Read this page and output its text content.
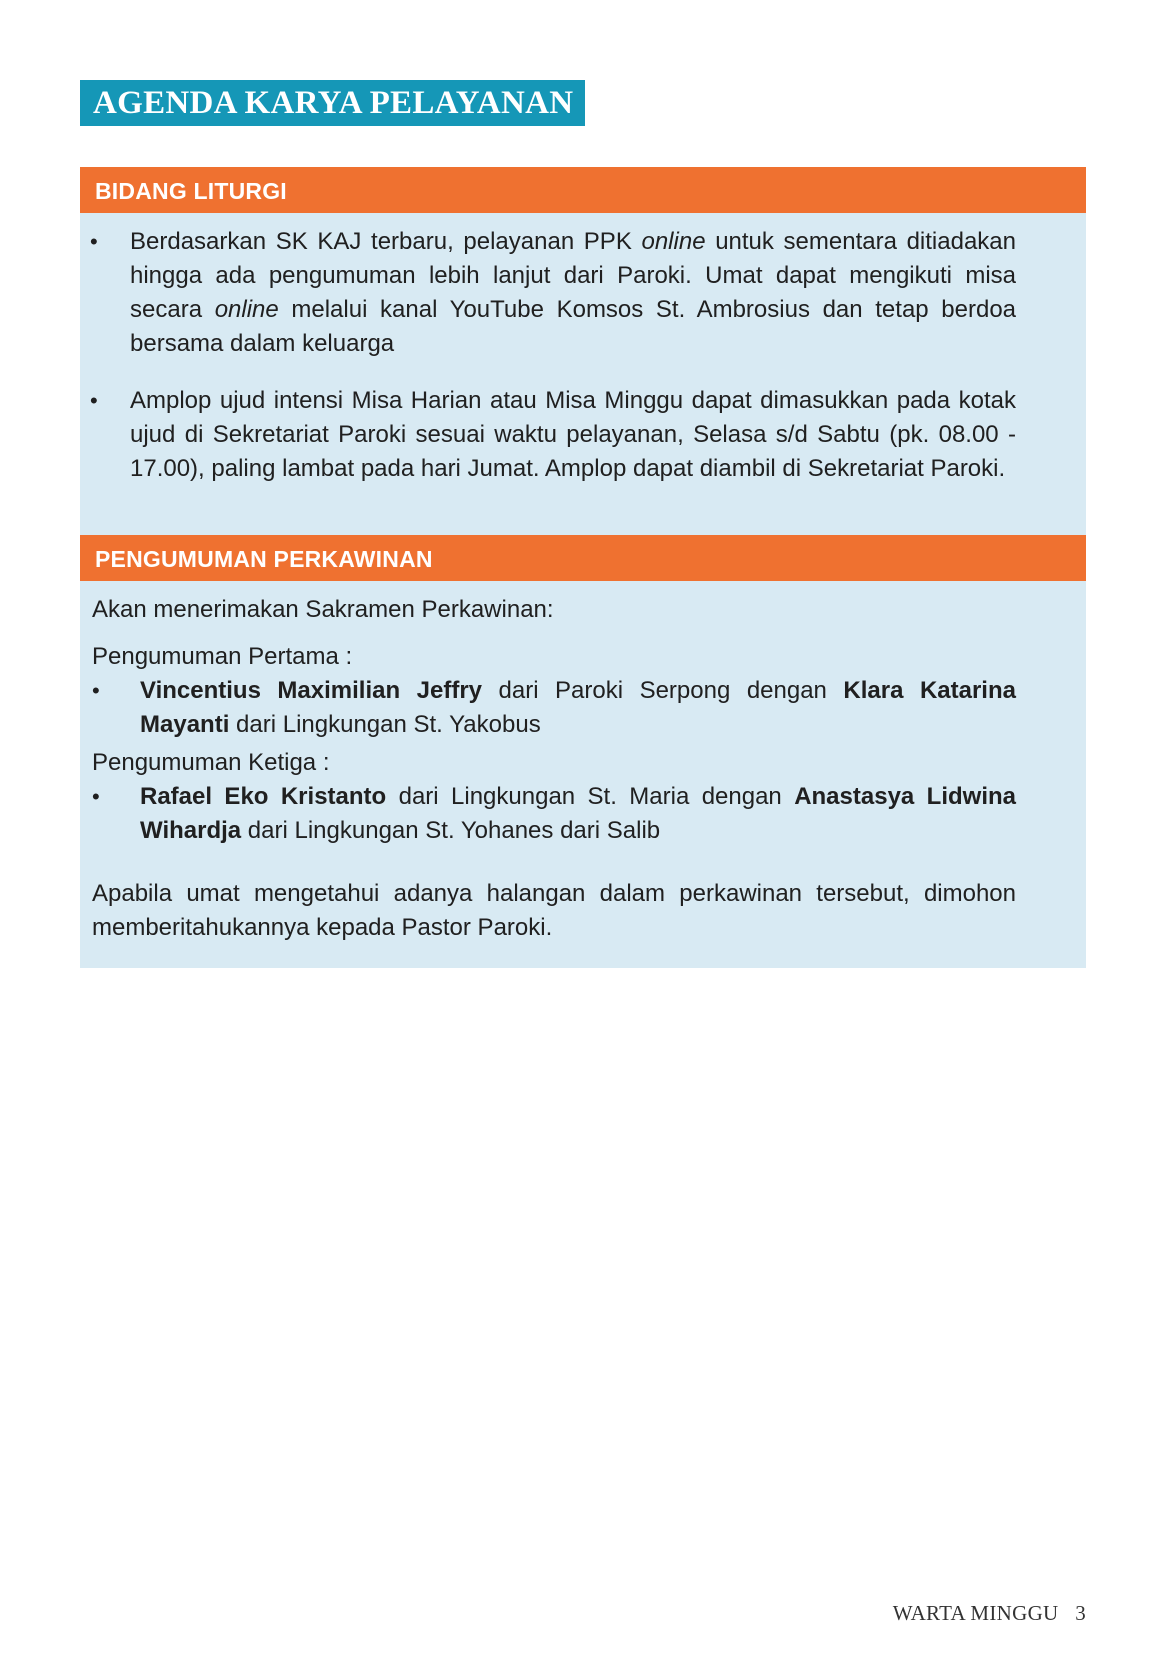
AGENDA KARYA PELAYANAN
BIDANG LITURGI
•	Berdasarkan SK KAJ terbaru, pelayanan PPK online untuk sementara ditiadakan hingga ada pengumuman lebih lanjut dari Paroki. Umat dapat mengikuti misa secara online melalui kanal YouTube Komsos St. Ambrosius dan tetap berdoa bersama dalam keluarga
•	Amplop ujud intensi Misa Harian atau Misa Minggu dapat dimasukkan pada kotak ujud di Sekretariat Paroki sesuai waktu pelayanan, Selasa s/d Sabtu (pk. 08.00 - 17.00), paling lambat pada hari Jumat. Amplop dapat diambil di Sekretariat Paroki.
PENGUMUMAN PERKAWINAN
Akan menerimakan Sakramen Perkawinan:
Pengumuman Pertama :
•	Vincentius Maximilian Jeffry dari Paroki Serpong dengan Klara Katarina Mayanti dari Lingkungan St. Yakobus
Pengumuman Ketiga :
•	Rafael Eko Kristanto dari Lingkungan St. Maria dengan Anastasya Lidwina Wihardja dari Lingkungan St. Yohanes dari Salib
Apabila umat mengetahui adanya halangan dalam perkawinan tersebut, dimohon memberitahukannya kepada Pastor Paroki.
WARTA MINGGU 3
